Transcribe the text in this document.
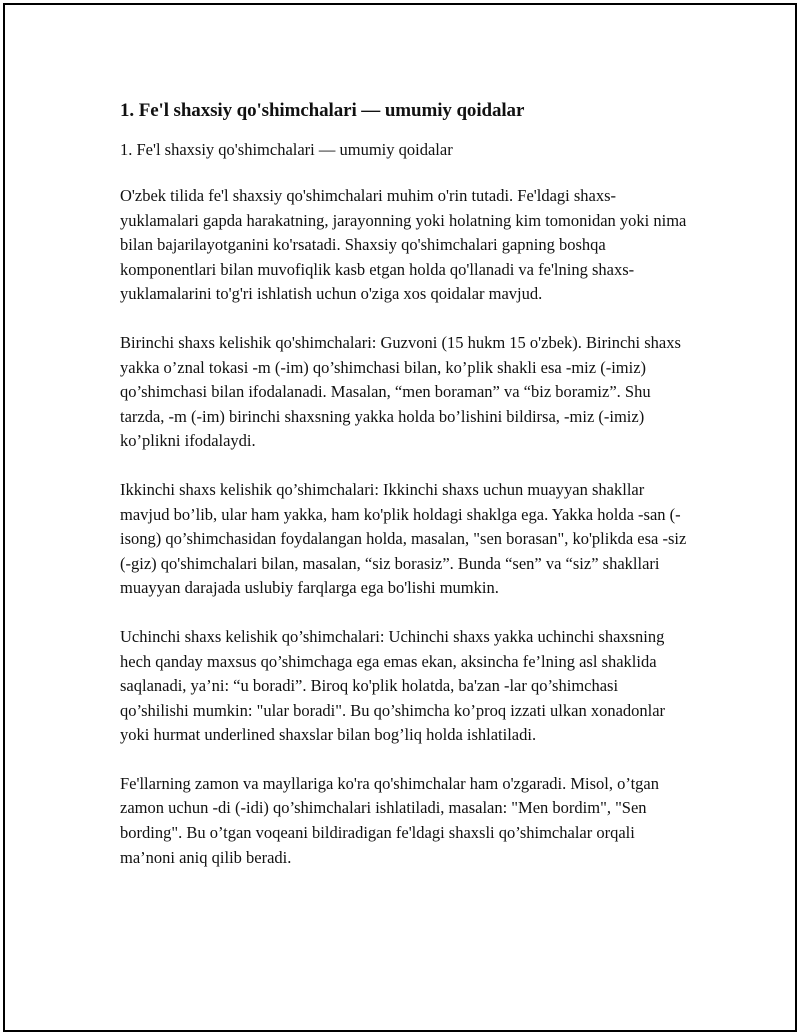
1. Fe'l shaxsiy qo'shimchalari — umumiy qoidalar

1. Fe'l shaxsiy qo'shimchalari — umumiy qoidalar

O'zbek tilida fe'l shaxsiy qo'shimchalari muhim o'rin tutadi. Fe'ldagi shaxs-yuklamalari gapda harakatning, jarayonning yoki holatning kim tomonidan yoki nima bilan bajarilayotganini ko'rsatadi. Shaxsiy qo'shimchalari gapning boshqa komponentlari bilan muvofiqlik kasb etgan holda qo'llanadi va fe'lning shaxs-yuklamalarini to'g'ri ishlatish uchun o'ziga xos qoidalar mavjud.

Birinchi shaxs kelishik qo'shimchalari: Guzvoni (15 hukm 15 o'zbek). Birinchi shaxs yakka o’znal tokasi -m (-im) qo’shimchasi bilan, ko’plik shakli esa -miz (-imiz) qo’shimchasi bilan ifodalanadi. Masalan, “men boraman” va “biz boramiz”. Shu tarzda, -m (-im) birinchi shaxsning yakka holda bo’lishini bildirsa, -miz (-imiz) ko’plikni ifodalaydi.

Ikkinchi shaxs kelishik qo’shimchalari: Ikkinchi shaxs uchun muayyan shakllar mavjud bo’lib, ular ham yakka, ham ko'plik holdagi shaklga ega. Yakka holda -san (-isong) qo’shimchasidan foydalangan holda, masalan, "sen borasan", ko'plikda esa -siz (-giz) qo'shimchalari bilan, masalan, “siz borasiz”. Bunda “sen” va “siz” shakllari muayyan darajada uslubiy farqlarga ega bo'lishi mumkin.

Uchinchi shaxs kelishik qo’shimchalari: Uchinchi shaxs yakka uchinchi shaxsning hech qanday maxsus qo’shimchaga ega emas ekan, aksincha fe’lning asl shaklida saqlanadi, ya’ni: “u boradi”. Biroq ko'plik holatda, ba'zan -lar qo’shimchasi qo’shilishi mumkin: "ular boradi". Bu qo’shimcha ko’proq izzati ulkan xonadonlar yoki hurmat underlined shaxslar bilan bog’liq holda ishlatiladi.

Fe'llarning zamon va mayllariga ko'ra qo'shimchalar ham o'zgaradi. Misol, o’tgan zamon uchun -di (-idi) qo’shimchalari ishlatiladi, masalan: "Men bordim", "Sen bording". Bu o’tgan voqeani bildiradigan fe'ldagi shaxsli qo’shimchalar orqali ma’noni aniq qilib beradi.
